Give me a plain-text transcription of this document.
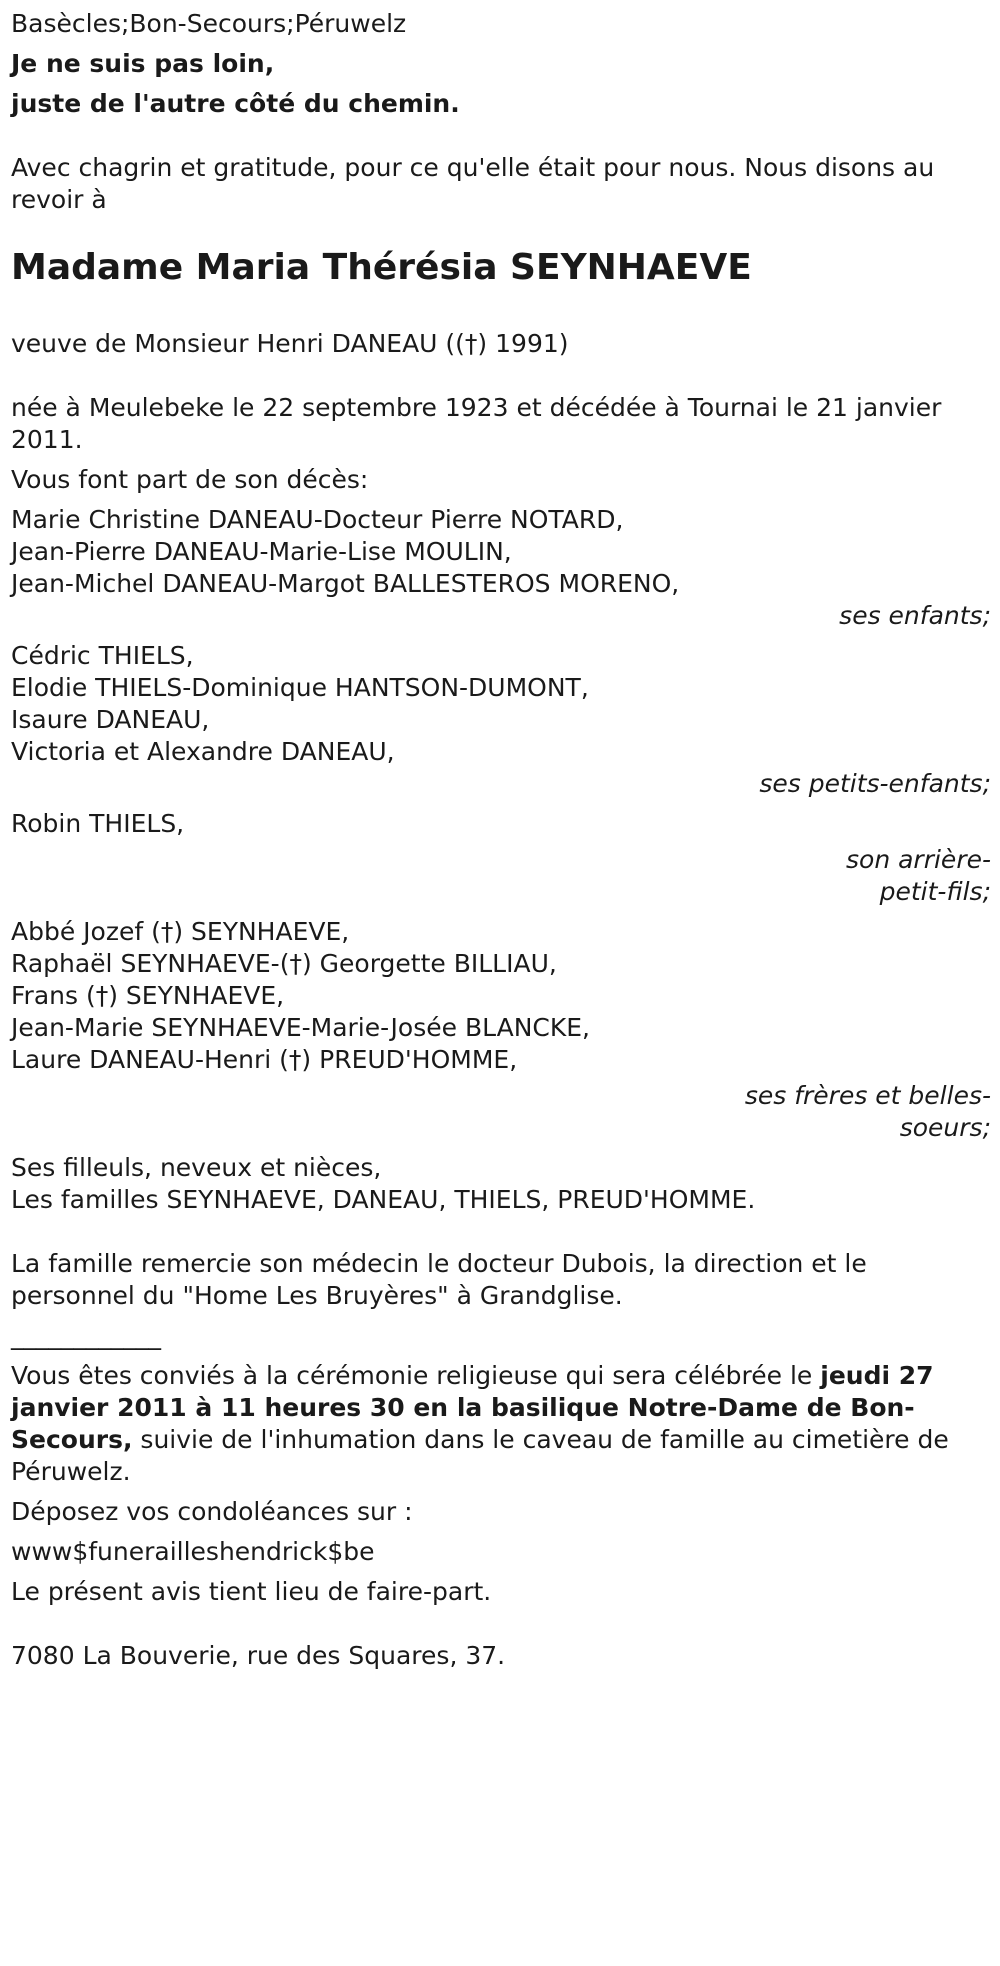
Basècles;Bon-Secours;Péruwelz

Je ne suis pas loin,

juste de l'autre côté du chemin.

Avec chagrin et gratitude, pour ce qu'elle était pour nous. Nous disons au revoir à

Madame Maria Thérésia SEYNHAEVE

veuve de Monsieur Henri DANEAU ((†) 1991)

née à Meulebeke le 22 septembre 1923 et décédée à Tournai le 21 janvier 2011.

Vous font part de son décès:

Marie Christine DANEAU-Docteur Pierre NOTARD,
Jean-Pierre DANEAU-Marie-Lise MOULIN,
Jean-Michel DANEAU-Margot BALLESTEROS MORENO,

ses enfants;

Cédric THIELS,
Elodie THIELS-Dominique HANTSON-DUMONT,
Isaure DANEAU,
Victoria et Alexandre DANEAU,

ses petits-enfants;

Robin THIELS,

son arrière-

petit-fils;

Abbé Jozef (†) SEYNHAEVE,
Raphaël SEYNHAEVE-(†) Georgette BILLIAU,
Frans (†) SEYNHAEVE,
Jean-Marie SEYNHAEVE-Marie-Josée BLANCKE,
Laure DANEAU-Henri (†) PREUD'HOMME,

ses frères et belles-

soeurs;

Ses filleuls, neveux et nièces,
Les familles SEYNHAEVE, DANEAU, THIELS, PREUD'HOMME.

La famille remercie son médecin le docteur Dubois, la direction et le personnel du "Home Les Bruyères" à Grandglise.

____________

Vous êtes conviés à la cérémonie religieuse qui sera célébrée le jeudi 27 janvier 2011 à 11 heures 30 en la basilique Notre-Dame de Bon-Secours, suivie de l'inhumation dans le caveau de famille au cimetière de Péruwelz.

Déposez vos condoléances sur :

www$funerailleshendrick$be

Le présent avis tient lieu de faire-part.

7080 La Bouverie, rue des Squares, 37.
